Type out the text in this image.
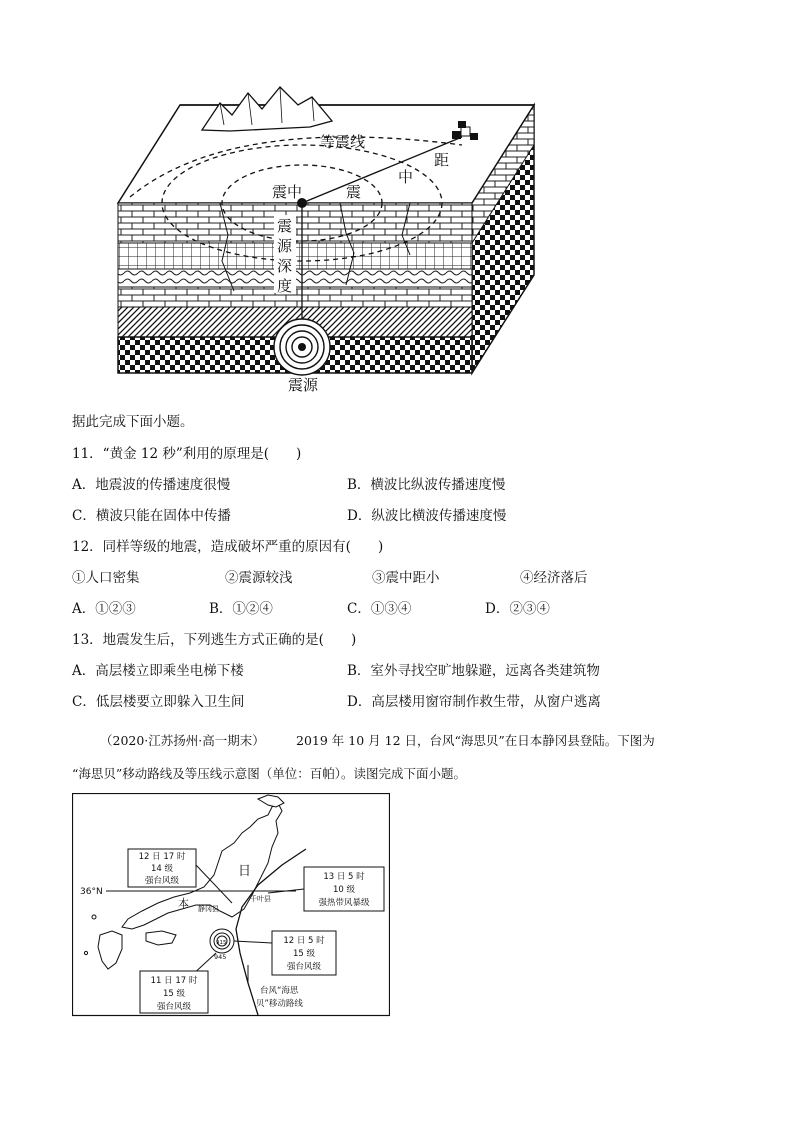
等震线
距
中
震
震中
震
源
深
度
震源
据此完成下面小题。
11．“黄金 12 秒”利用的原理是(　　)
A．地震波的传播速度很慢	B．横波比纵波传播速度慢
C．横波只能在固体中传播	D．纵波比横波传播速度慢
12．同样等级的地震，造成破坏严重的原因有(　　)
①人口密集	②震源较浅	③震中距小	④经济落后
A．①②③	B．①②④	C．①③④	D．②③④
13．地震发生后，下列逃生方式正确的是(　　)
A．高层楼立即乘坐电梯下楼	B．室外寻找空旷地躲避，远离各类建筑物
C．低层楼要立即躲入卫生间	D．高层楼用窗帘制作救生带，从窗户逃离
（2020·江苏扬州·高一期末） 2019 年 10 月 12 日，台风“海思贝”在日本静冈县登陆。下图为
“海思贝”移动路线及等压线示意图（单位：百帕）。读图完成下面小题。
36°N
日
本 静冈县
千叶县
915
945
12 日 17 时
14 级
强台风级	13 日 5 时
10 级
强热带风暴级
12 日 5 时
15 级
强台风级
11 日 17 时
15 级
强台风级
台风“海思
贝”移动路线
